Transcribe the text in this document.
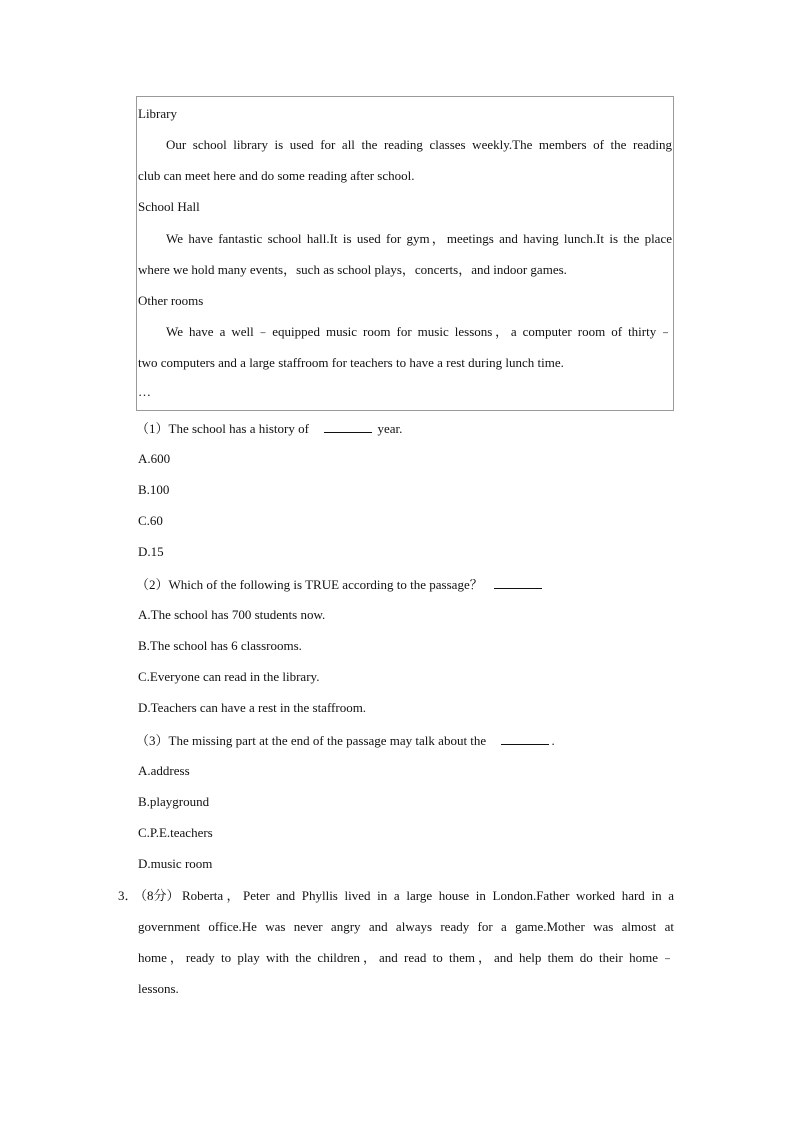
Library
Our school library is used for all the reading classes weekly.The members of the reading
club can meet here and do some reading after school.
School Hall
We have fantastic school hall.It is used for gym，meetings and having lunch.It is the place
where we hold many events，such as school plays，concerts，and indoor games.
Other rooms
We have a well﹣equipped music room for music lessons，a computer room of thirty﹣
two computers and a large staffroom for teachers to have a rest during lunch time.
…
（1）The school has a history of	year.
A.600
B.100
C.60
D.15
（2）Which of the following is TRUE according to the passage？
A.The school has 700 students now.
B.The school has 6 classrooms.
C.Everyone can read in the library.
D.Teachers can have a rest in the staffroom.
（3）The missing part at the end of the passage may talk about the	.
A.address
B.playground
C.P.E.teachers
D.music room
3．
（8分） Roberta，Peter and Phyllis lived in a large house in London.Father worked hard in a
government office.He was never angry and always ready for a game.Mother was almost at
home，ready to play with the children，and read to them，and help them do their home﹣
lessons.
